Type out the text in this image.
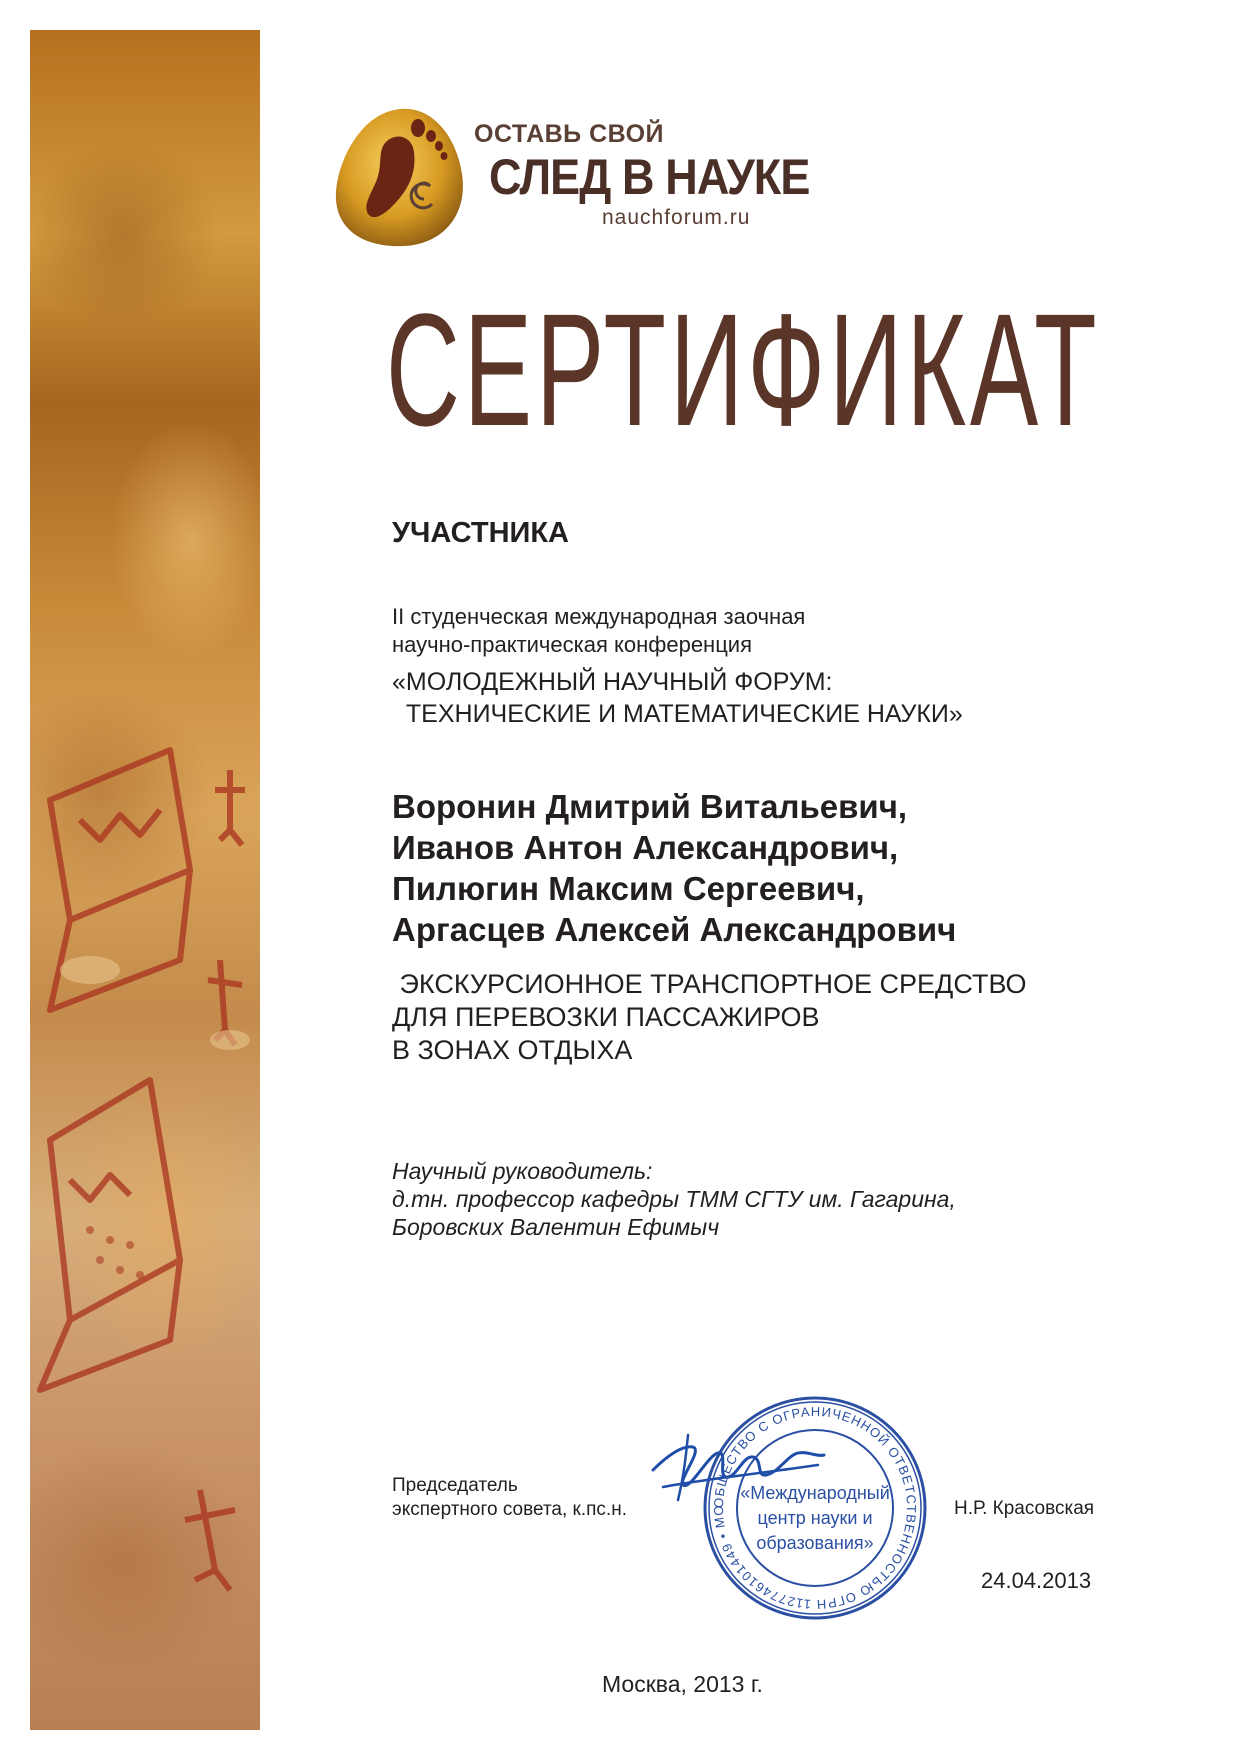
ОСТАВЬ СВОЙ
СЛЕД В НАУКЕ
nauchforum.ru
СЕРТИФИКАТ
УЧАСТНИКА
II студенческая международная заочная
научно-практическая конференция
«МОЛОДЕЖНЫЙ НАУЧНЫЙ ФОРУМ:
ТЕХНИЧЕСКИЕ И МАТЕМАТИЧЕСКИЕ НАУКИ»
Воронин Дмитрий Витальевич,
Иванов Антон Александрович,
Пилюгин Максим Сергеевич,
Аргасцев Алексей Александрович
ЭКСКУРСИОННОЕ ТРАНСПОРТНОЕ СРЕДСТВО
ДЛЯ ПЕРЕВОЗКИ ПАССАЖИРОВ
В ЗОНАХ ОТДЫХА
Научный руководитель:
д.тн. профессор кафедры ТММ СГТУ им. Гагарина,
Боровских Валентин Ефимыч
Председатель
экспертного совета, к.пс.н.	ОБЩЕСТВО С ОГРАНИЧЕННОЙ ОТВЕТСТВЕННОСТЬЮ ОГРН 1127746101449 • МО
«Международный
центр науки и
образования»
Н.Р. Красовская
24.04.2013
Москва, 2013 г.
